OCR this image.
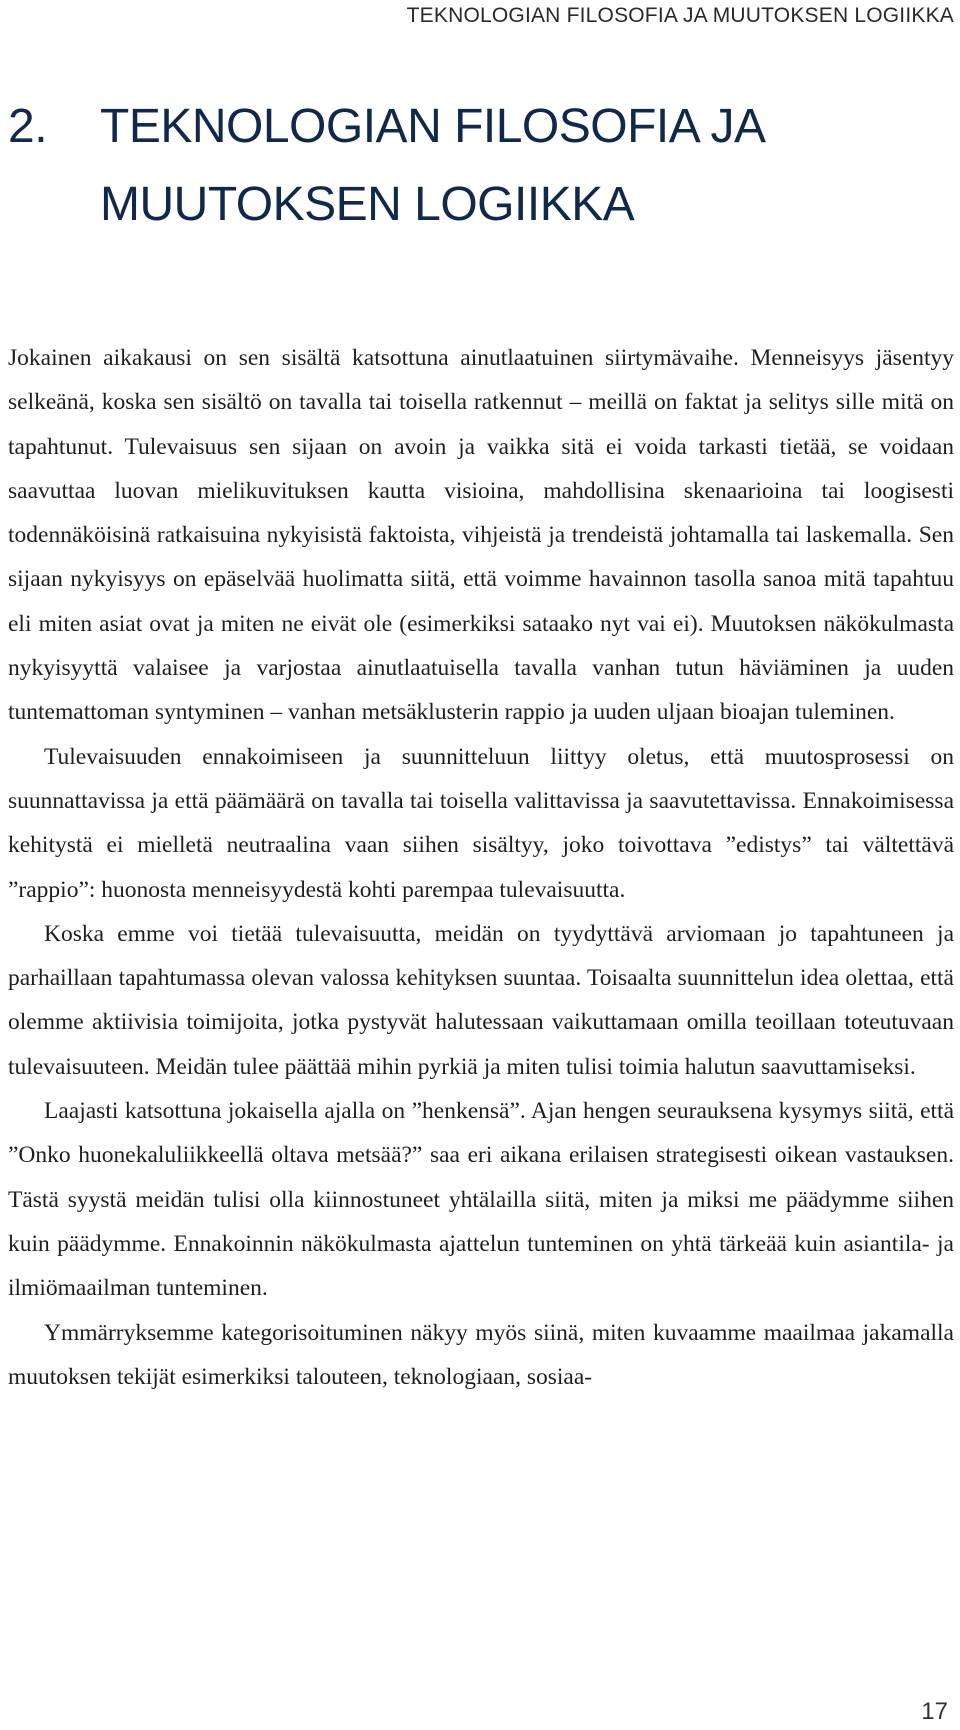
TEKNOLOGIAN FILOSOFIA JA MUUTOKSEN LOGIIKKA
2. TEKNOLOGIAN FILOSOFIA JA
MUUTOKSEN LOGIIKKA

Jokainen aikakausi on sen sisältä katsottuna ainutlaatuinen siirtymävaihe. Menneisyys jäsentyy selkeänä, koska sen sisältö on tavalla tai toisella ratkennut – meillä on faktat ja selitys sille mitä on tapahtunut. Tulevaisuus sen sijaan on avoin ja vaikka sitä ei voida tarkasti tietää, se voidaan saavuttaa luovan mielikuvituksen kautta visioina, mahdollisina skenaarioina tai loogisesti todennäköisinä ratkaisuina nykyisistä faktoista, vihjeistä ja trendeistä johtamalla tai laskemalla. Sen sijaan nykyisyys on epäselvää huolimatta siitä, että voimme havainnon tasolla sanoa mitä tapahtuu eli miten asiat ovat ja miten ne eivät ole (esimerkiksi sataako nyt vai ei). Muutoksen näkökulmasta nykyisyyttä valaisee ja varjostaa ainutlaatuisella tavalla vanhan tutun häviäminen ja uuden tuntemattoman syntyminen – vanhan metsäklusterin rappio ja uuden uljaan bioajan tuleminen.

Tulevaisuuden ennakoimiseen ja suunnitteluun liittyy oletus, että muutosprosessi on suunnattavissa ja että päämäärä on tavalla tai toisella valittavissa ja saavutettavissa. Ennakoimisessa kehitystä ei mielletä neutraalina vaan siihen sisältyy, joko toivottava ”edistys” tai vältettävä ”rappio”: huonosta menneisyydestä kohti parempaa tulevaisuutta.

Koska emme voi tietää tulevaisuutta, meidän on tyydyttävä arviomaan jo tapahtuneen ja parhaillaan tapahtumassa olevan valossa kehityksen suuntaa. Toisaalta suunnittelun idea olettaa, että olemme aktiivisia toimijoita, jotka pystyvät halutessaan vaikuttamaan omilla teoillaan toteutuvaan tulevaisuuteen. Meidän tulee päättää mihin pyrkiä ja miten tulisi toimia halutun saavuttamiseksi.

Laajasti katsottuna jokaisella ajalla on ”henkensä”. Ajan hengen seurauksena kysymys siitä, että ”Onko huonekaluliikkeellä oltava metsää?” saa eri aikana erilaisen strategisesti oikean vastauksen. Tästä syystä meidän tulisi olla kiinnostuneet yhtälailla siitä, miten ja miksi me päädymme siihen kuin päädymme. Ennakoinnin näkökulmasta ajattelun tunteminen on yhtä tärkeää kuin asiantila- ja ilmiömaailman tunteminen.

Ymmärryksemme kategorisoituminen näkyy myös siinä, miten kuvaamme maailmaa jakamalla muutoksen tekijät esimerkiksi talouteen, teknologiaan, sosiaa-

17
